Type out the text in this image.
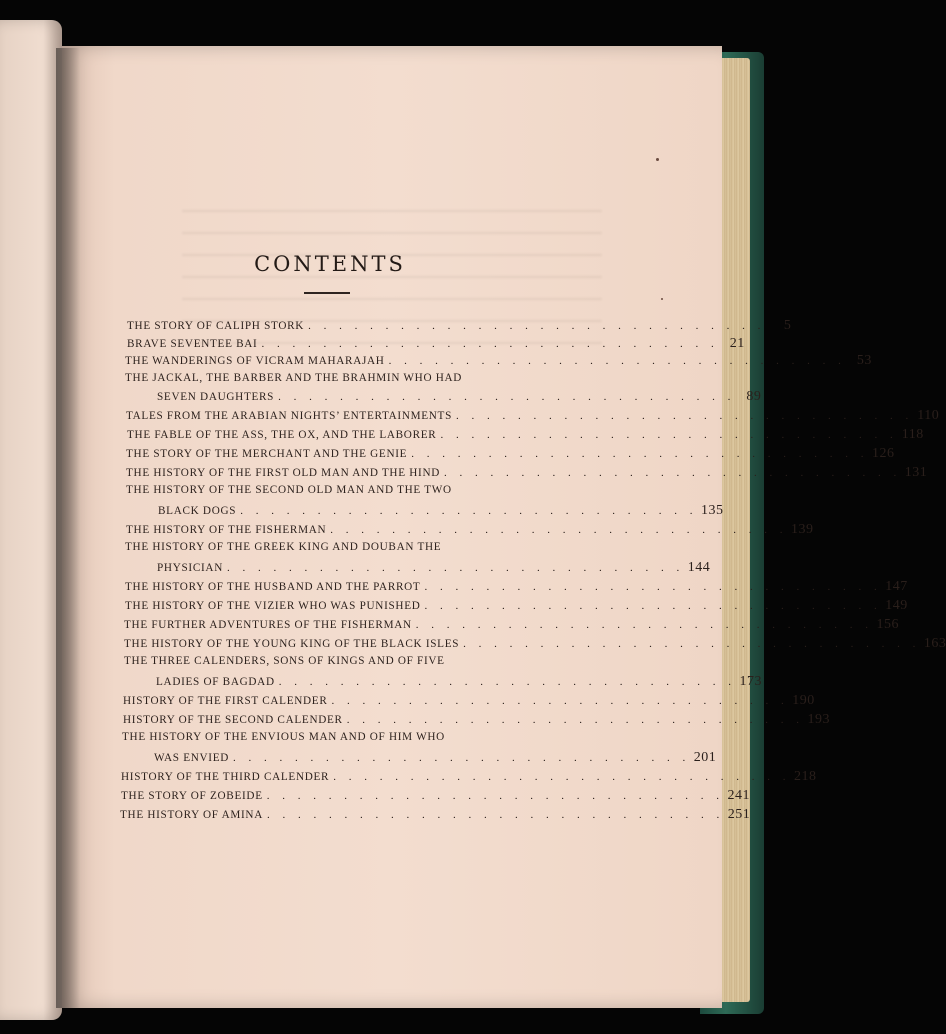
CONTENTS
THE STORY OF CALIPH STORK . . . . . . . . . . . . . . . . . . . . . . . . . . . . . .	5
BRAVE SEVENTEE BAI . . . . . . . . . . . . . . . . . . . . . . . . . . . . . . 21
THE WANDERINGS OF VICRAM MAHARAJAH . . . . . . . . . . . . . . . . . . . . . . . . . . . . . . 53
THE JACKAL, THE BARBER AND THE BRAHMIN WHO HAD
SEVEN DAUGHTERS . . . . . . . . . . . . . . . . . . . . . . . . . . . . . . 89
TALES FROM THE ARABIAN NIGHTS’ ENTERTAINMENTS . . . . . . . . . . . . . . . . . . . . . . . . . . . . . . 110
THE FABLE OF THE ASS, THE OX, AND THE LABORER . . . . . . . . . . . . . . . . . . . . . . . . . . . . . . 118
THE STORY OF THE MERCHANT AND THE GENIE . . . . . . . . . . . . . . . . . . . . . . . . . . . . . . 126
THE HISTORY OF THE FIRST OLD MAN AND THE HIND . . . . . . . . . . . . . . . . . . . . . . . . . . . . . . 131
THE HISTORY OF THE SECOND OLD MAN AND THE TWO
BLACK DOGS . . . . . . . . . . . . . . . . . . . . . . . . . . . . . . 135
THE HISTORY OF THE FISHERMAN . . . . . . . . . . . . . . . . . . . . . . . . . . . . . . 139
THE HISTORY OF THE GREEK KING AND DOUBAN THE
PHYSICIAN . . . . . . . . . . . . . . . . . . . . . . . . . . . . . . 144
THE HISTORY OF THE HUSBAND AND THE PARROT . . . . . . . . . . . . . . . . . . . . . . . . . . . . . . 147
THE HISTORY OF THE VIZIER WHO WAS PUNISHED . . . . . . . . . . . . . . . . . . . . . . . . . . . . . . 149
THE FURTHER ADVENTURES OF THE FISHERMAN . . . . . . . . . . . . . . . . . . . . . . . . . . . . . . 156
THE HISTORY OF THE YOUNG KING OF THE BLACK ISLES . . . . . . . . . . . . . . . . . . . . . . . . . . . . . . 163
THE THREE CALENDERS, SONS OF KINGS AND OF FIVE
LADIES OF BAGDAD . . . . . . . . . . . . . . . . . . . . . . . . . . . . . . 173
HISTORY OF THE FIRST CALENDER . . . . . . . . . . . . . . . . . . . . . . . . . . . . . . 190
HISTORY OF THE SECOND CALENDER . . . . . . . . . . . . . . . . . . . . . . . . . . . . . . 193
THE HISTORY OF THE ENVIOUS MAN AND OF HIM WHO
WAS ENVIED . . . . . . . . . . . . . . . . . . . . . . . . . . . . . . 201
HISTORY OF THE THIRD CALENDER . . . . . . . . . . . . . . . . . . . . . . . . . . . . . . 218
THE STORY OF ZOBEIDE . . . . . . . . . . . . . . . . . . . . . . . . . . . . . . 241
THE HISTORY OF AMINA . . . . . . . . . . . . . . . . . . . . . . . . . . . . . . 251
